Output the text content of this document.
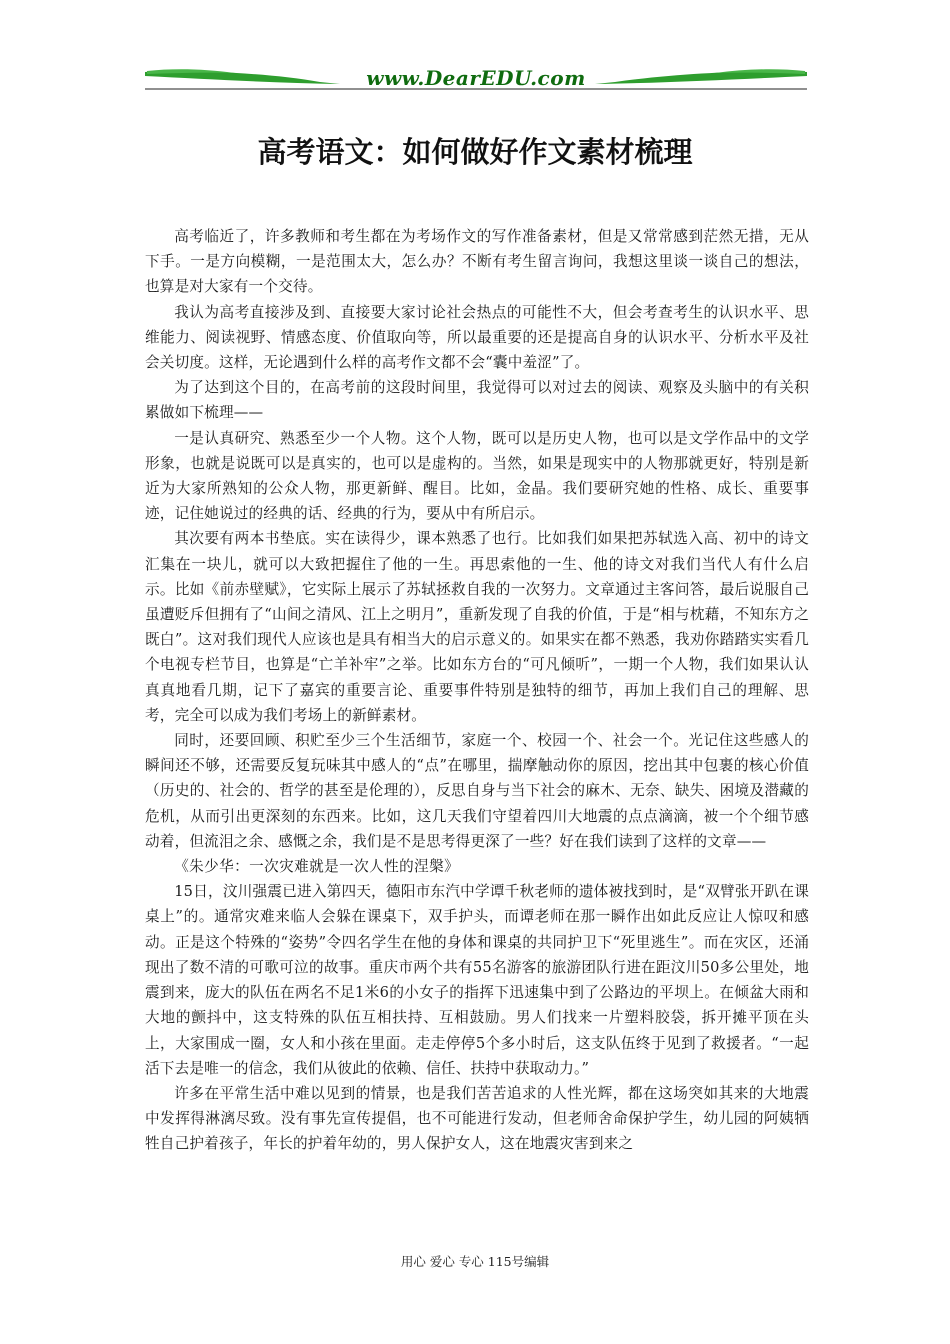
www.DearEDU.com
高考语文：如何做好作文素材梳理

高考临近了，许多教师和考生都在为考场作文的写作准备素材，但是又常常感到茫然无措，无从下手。一是方向模糊，一是范围太大，怎么办？不断有考生留言询问，我想这里谈一谈自己的想法，也算是对大家有一个交待。

我认为高考直接涉及到、直接要大家讨论社会热点的可能性不大，但会考查考生的认识水平、思维能力、阅读视野、情感态度、价值取向等，所以最重要的还是提高自身的认识水平、分析水平及社会关切度。这样，无论遇到什么样的高考作文都不会“囊中羞涩”了。

为了达到这个目的，在高考前的这段时间里，我觉得可以对过去的阅读、观察及头脑中的有关积累做如下梳理——

一是认真研究、熟悉至少一个人物。这个人物，既可以是历史人物，也可以是文学作品中的文学形象，也就是说既可以是真实的，也可以是虚构的。当然，如果是现实中的人物那就更好，特别是新近为大家所熟知的公众人物，那更新鲜、醒目。比如，金晶。我们要研究她的性格、成长、重要事迹，记住她说过的经典的话、经典的行为，要从中有所启示。

其次要有两本书垫底。实在读得少，课本熟悉了也行。比如我们如果把苏轼选入高、初中的诗文汇集在一块儿，就可以大致把握住了他的一生。再思索他的一生、他的诗文对我们当代人有什么启示。比如《前赤壁赋》，它实际上展示了苏轼拯救自我的一次努力。文章通过主客问答，最后说服自己虽遭贬斥但拥有了“山间之清风、江上之明月”，重新发现了自我的价值，于是“相与枕藉，不知东方之既白”。这对我们现代人应该也是具有相当大的启示意义的。如果实在都不熟悉，我劝你踏踏实实看几个电视专栏节目，也算是“亡羊补牢”之举。比如东方台的“可凡倾听”，一期一个人物，我们如果认认真真地看几期，记下了嘉宾的重要言论、重要事件特别是独特的细节，再加上我们自己的理解、思考，完全可以成为我们考场上的新鲜素材。

同时，还要回顾、积贮至少三个生活细节，家庭一个、校园一个、社会一个。光记住这些感人的瞬间还不够，还需要反复玩味其中感人的“点”在哪里，揣摩触动你的原因，挖出其中包裹的核心价值（历史的、社会的、哲学的甚至是伦理的），反思自身与当下社会的麻木、无奈、缺失、困境及潜藏的危机，从而引出更深刻的东西来。比如，这几天我们守望着四川大地震的点点滴滴，被一个个细节感动着，但流泪之余、感慨之余，我们是不是思考得更深了一些？好在我们读到了这样的文章——

《朱少华：一次灾难就是一次人性的涅槃》

15日，汶川强震已进入第四天，德阳市东汽中学谭千秋老师的遗体被找到时，是“双臂张开趴在课桌上”的。通常灾难来临人会躲在课桌下，双手护头，而谭老师在那一瞬作出如此反应让人惊叹和感动。正是这个特殊的“姿势”令四名学生在他的身体和课桌的共同护卫下“死里逃生”。而在灾区，还涌现出了数不清的可歌可泣的故事。重庆市两个共有55名游客的旅游团队行进在距汶川50多公里处，地震到来，庞大的队伍在两名不足1米6的小女子的指挥下迅速集中到了公路边的平坝上。在倾盆大雨和大地的颤抖中，这支特殊的队伍互相扶持、互相鼓励。男人们找来一片塑料胶袋，拆开摊平顶在头上，大家围成一圈，女人和小孩在里面。走走停停5个多小时后，这支队伍终于见到了救援者。“一起活下去是唯一的信念，我们从彼此的依赖、信任、扶持中获取动力。”

许多在平常生活中难以见到的情景，也是我们苦苦追求的人性光辉，都在这场突如其来的大地震中发挥得淋漓尽致。没有事先宣传提倡，也不可能进行发动，但老师舍命保护学生，幼儿园的阿姨牺牲自己护着孩子，年长的护着年幼的，男人保护女人，这在地震灾害到来之

用心 爱心 专心 115号编辑
